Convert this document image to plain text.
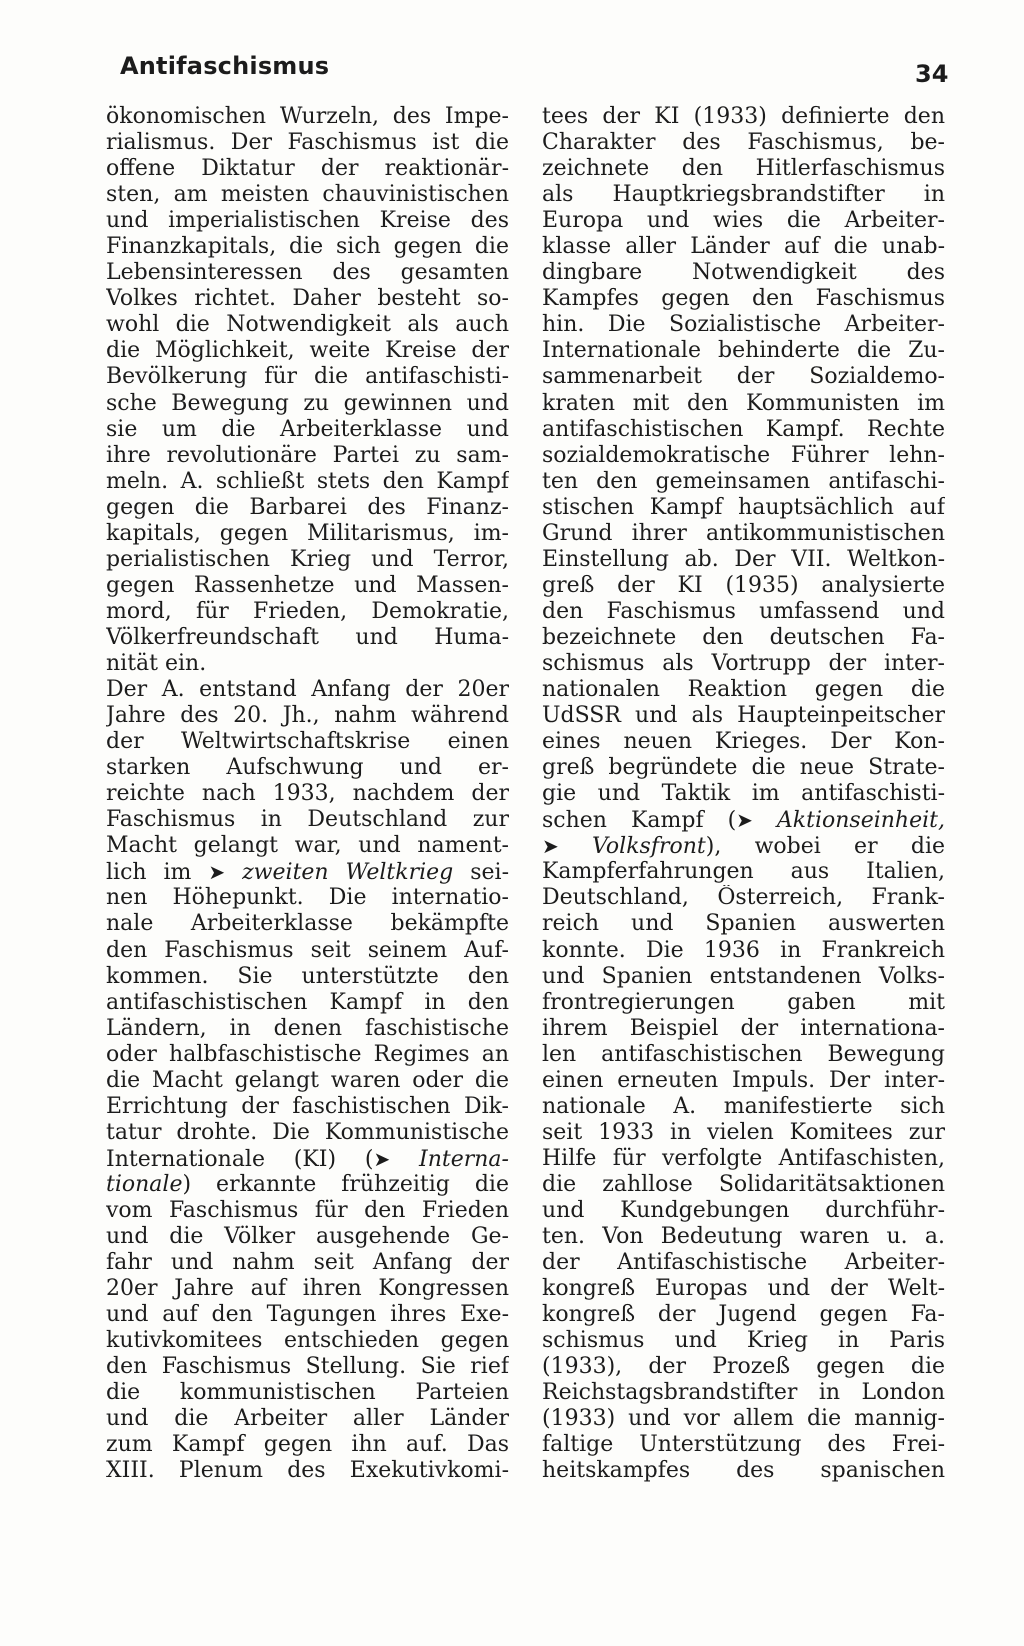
Antifaschismus	34
ökonomischen Wurzeln, des Impe-
rialismus. Der Faschismus ist die
offene Diktatur der reaktionär-
sten, am meisten chauvinistischen
und imperialistischen Kreise des
Finanzkapitals, die sich gegen die
Lebensinteressen des gesamten
Volkes richtet. Daher besteht so-
wohl die Notwendigkeit als auch
die Möglichkeit, weite Kreise der
Bevölkerung für die antifaschisti-
sche Bewegung zu gewinnen und
sie um die Arbeiterklasse und
ihre revolutionäre Partei zu sam-
meln. A. schließt stets den Kampf
gegen die Barbarei des Finanz-
kapitals, gegen Militarismus, im-
perialistischen Krieg und Terror,
gegen Rassenhetze und Massen-
mord, für Frieden, Demokratie,
Völkerfreundschaft und Huma-
nität ein.
Der A. entstand Anfang der 20er
Jahre des 20. Jh., nahm während
der Weltwirtschaftskrise einen
starken Aufschwung und er-
reichte nach 1933, nachdem der
Faschismus in Deutschland zur
Macht gelangt war, und nament-
lich im ➤ zweiten Weltkrieg sei-
nen Höhepunkt. Die internatio-
nale Arbeiterklasse bekämpfte
den Faschismus seit seinem Auf-
kommen. Sie unterstützte den
antifaschistischen Kampf in den
Ländern, in denen faschistische
oder halbfaschistische Regimes an
die Macht gelangt waren oder die
Errichtung der faschistischen Dik-
tatur drohte. Die Kommunistische
Internationale (KI) (➤ Interna-
tionale) erkannte frühzeitig die
vom Faschismus für den Frieden
und die Völker ausgehende Ge-
fahr und nahm seit Anfang der
20er Jahre auf ihren Kongressen
und auf den Tagungen ihres Exe-
kutivkomitees entschieden gegen
den Faschismus Stellung. Sie rief
die kommunistischen Parteien
und die Arbeiter aller Länder
zum Kampf gegen ihn auf. Das
XIII. Plenum des Exekutivkomi-
tees der KI (1933) definierte den
Charakter des Faschismus, be-
zeichnete den Hitlerfaschismus
als Hauptkriegsbrandstifter in
Europa und wies die Arbeiter-
klasse aller Länder auf die unab-
dingbare Notwendigkeit des
Kampfes gegen den Faschismus
hin. Die Sozialistische Arbeiter-
Internationale behinderte die Zu-
sammenarbeit der Sozialdemo-
kraten mit den Kommunisten im
antifaschistischen Kampf. Rechte
sozialdemokratische Führer lehn-
ten den gemeinsamen antifaschi-
stischen Kampf hauptsächlich auf
Grund ihrer antikommunistischen
Einstellung ab. Der VII. Weltkon-
greß der KI (1935) analysierte
den Faschismus umfassend und
bezeichnete den deutschen Fa-
schismus als Vortrupp der inter-
nationalen Reaktion gegen die
UdSSR und als Haupteinpeitscher
eines neuen Krieges. Der Kon-
greß begründete die neue Strate-
gie und Taktik im antifaschisti-
schen Kampf (➤ Aktionseinheit,
➤ Volksfront), wobei er die
Kampferfahrungen aus Italien,
Deutschland, Österreich, Frank-
reich und Spanien auswerten
konnte. Die 1936 in Frankreich
und Spanien entstandenen Volks-
frontregierungen gaben mit
ihrem Beispiel der internationa-
len antifaschistischen Bewegung
einen erneuten Impuls. Der inter-
nationale A. manifestierte sich
seit 1933 in vielen Komitees zur
Hilfe für verfolgte Antifaschisten,
die zahllose Solidaritätsaktionen
und Kundgebungen durchführ-
ten. Von Bedeutung waren u. a.
der Antifaschistische Arbeiter-
kongreß Europas und der Welt-
kongreß der Jugend gegen Fa-
schismus und Krieg in Paris
(1933), der Prozeß gegen die
Reichstagsbrandstifter in London
(1933) und vor allem die mannig-
faltige Unterstützung des Frei-
heitskampfes des spanischen
